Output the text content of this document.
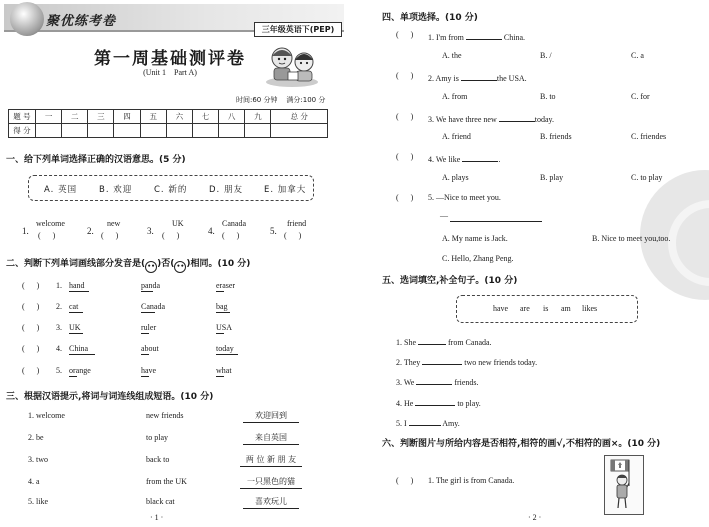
聚优练考卷
三年级英语下(PEP)
第一周基础测评卷
(Unit 1    Part A)
时间:60 分钟    满分:100 分
题 号	一	二	三	四	五	六	七	八	九	总 分
得 分										
一、给下列单词选择正确的汉语意思。(5 分)
A. 英国	B. 欢迎	C. 新的	D. 朋友 E. 加拿大
1.
welcome
(      )	2.
new
(      )	3.
UK
(      )	4.
Canada
(      )	5.
friend
(      )
二、判断下列单词画线部分发音是( •• )否( •• )相同。(10 分)
(      ) 1. hand	panda	eraser
(      ) 2. cat	Canada	bag
(      ) 3. UK	ruler	USA
(      ) 4. China	about	today
(      ) 5. orange	have	what
三、根据汉语提示,将词与词连线组成短语。(10 分)
1. welcome	new friends	欢迎回到
2. be	to play	来自英国
3. two	back to	两 位 新 朋 友
4. a	from the UK	一只黑色的猫
5. like	black cat	喜欢玩儿
· 1 ·
四、单项选择。(10 分)
(      ) 1. I'm from	China.
A. the	B. /	C. a
(      ) 2. Amy is	the USA.
A. from	B. to	C. for
(      ) 3. We have three new	today.
A. friend	B. friends	C. friendes
(      ) 4. We like	.
A. plays	B. play	C. to play
(      ) 5. —Nice to meet you.
—
A. My name is Jack.	B. Nice to meet you,too.
C. Hello, Zhang Peng.
五、选词填空,补全句子。(10 分)
have are is am likes
1. She	from Canada.
2. They	two new friends today.
3. We	friends.
4. He	to play.
5. I	Amy.
六、判断图片与所给内容是否相符,相符的画√,不相符的画×。(10 分)
(      ) 1. The girl is from Canada.
· 2 ·
